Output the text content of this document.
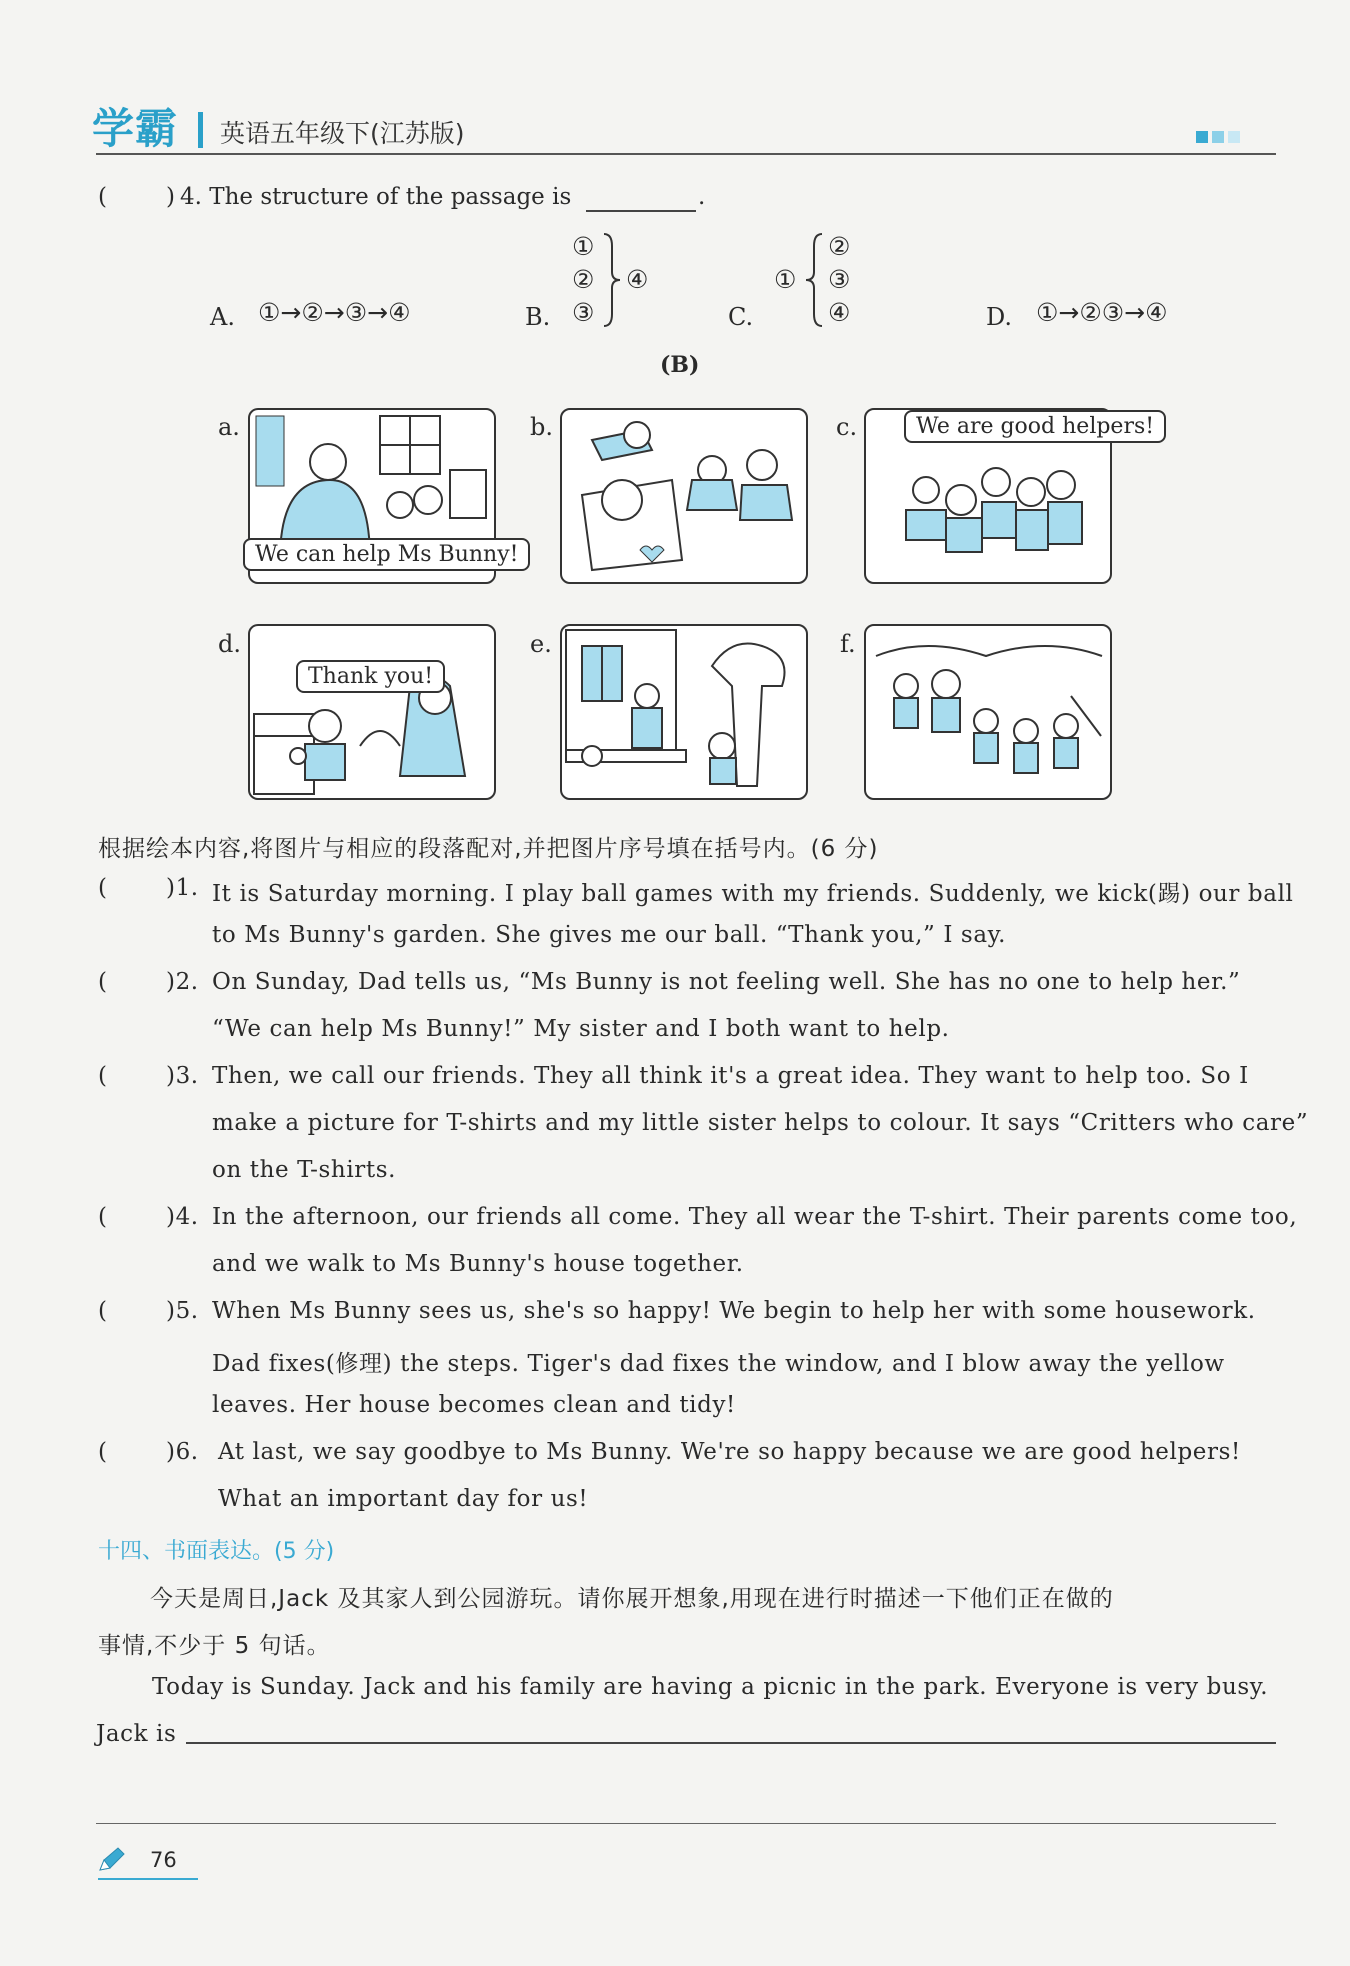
学霸 英语五年级下(江苏版)
(	) 4. The structure of the passage is	.
A. ①→②→③→④	B.
①
②
③
④
C.
①
②
③
④	D. ①→②③→④
(B)
a.
We can help Ms Bunny!
b.	c.	We are good helpers!
d.
Thank you!
e.	f.
根据绘本内容,将图片与相应的段落配对,并把图片序号填在括号内。(6 分)
(	)1. It is Saturday morning. I play ball games with my friends. Suddenly, we kick(踢) our ball
to Ms Bunny's garden. She gives me our ball. “Thank you,” I say.
(	)2. On Sunday, Dad tells us, “Ms Bunny is not feeling well. She has no one to help her.”
“We can help Ms Bunny!” My sister and I both want to help.
(	)3. Then, we call our friends. They all think it's a great idea. They want to help too. So I
make a picture for T-shirts and my little sister helps to colour. It says “Critters who care”
on the T-shirts.
(	)4. In the afternoon, our friends all come. They all wear the T-shirt. Their parents come too,
and we walk to Ms Bunny's house together.
(	)5. When Ms Bunny sees us, she's so happy! We begin to help her with some housework.
Dad fixes(修理) the steps. Tiger's dad fixes the window, and I blow away the yellow
leaves. Her house becomes clean and tidy!
(	)6. At last, we say goodbye to Ms Bunny. We're so happy because we are good helpers!
What an important day for us!
十四、书面表达。(5 分)
今天是周日,Jack 及其家人到公园游玩。请你展开想象,用现在进行时描述一下他们正在做的
事情,不少于 5 句话。
Today is Sunday. Jack and his family are having a picnic in the park. Everyone is very busy.
Jack is
76
